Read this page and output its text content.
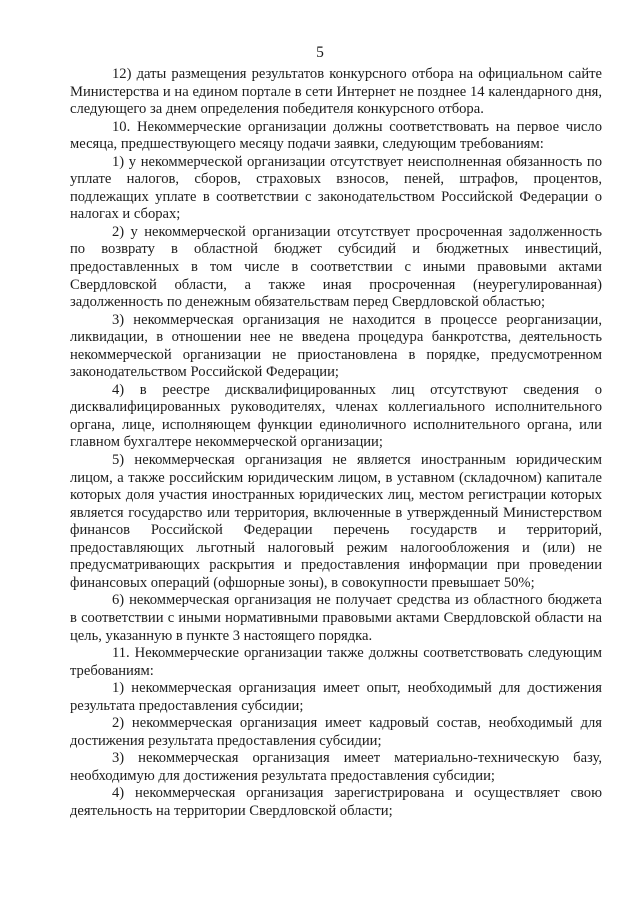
5

12) даты размещения результатов конкурсного отбора на официальном сайте Министерства и на едином портале в сети Интернет не позднее 14 календарного дня, следующего за днем определения победителя конкурсного отбора.

10. Некоммерческие организации должны соответствовать на первое число месяца, предшествующего месяцу подачи заявки, следующим требованиям:

1) у некоммерческой организации отсутствует неисполненная обязанность по уплате налогов, сборов, страховых взносов, пеней, штрафов, процентов, подлежащих уплате в соответствии с законодательством Российской Федерации о налогах и сборах;

2) у некоммерческой организации отсутствует просроченная задолженность по возврату в областной бюджет субсидий и бюджетных инвестиций, предоставленных в том числе в соответствии с иными правовыми актами Свердловской области, а также иная просроченная (неурегулированная) задолженность по денежным обязательствам перед Свердловской областью;

3) некоммерческая организация не находится в процессе реорганизации, ликвидации, в отношении нее не введена процедура банкротства, деятельность некоммерческой организации не приостановлена в порядке, предусмотренном законодательством Российской Федерации;

4) в реестре дисквалифицированных лиц отсутствуют сведения о дисквалифицированных руководителях, членах коллегиального исполнительного органа, лице, исполняющем функции единоличного исполнительного органа, или главном бухгалтере некоммерческой организации;

5) некоммерческая организация не является иностранным юридическим лицом, а также российским юридическим лицом, в уставном (складочном) капитале которых доля участия иностранных юридических лиц, местом регистрации которых является государство или территория, включенные в утвержденный Министерством финансов Российской Федерации перечень государств и территорий, предоставляющих льготный налоговый режим налогообложения и (или) не предусматривающих раскрытия и предоставления информации при проведении финансовых операций (офшорные зоны), в совокупности превышает 50%;

6) некоммерческая организация не получает средства из областного бюджета в соответствии с иными нормативными правовыми актами Свердловской области на цель, указанную в пункте 3 настоящего порядка.

11. Некоммерческие организации также должны соответствовать следующим требованиям:

1) некоммерческая организация имеет опыт, необходимый для достижения результата предоставления субсидии;

2) некоммерческая организация имеет кадровый состав, необходимый для достижения результата предоставления субсидии;

3) некоммерческая организация имеет материально-техническую базу, необходимую для достижения результата предоставления субсидии;

4) некоммерческая организация зарегистрирована и осуществляет свою деятельность на территории Свердловской области;
